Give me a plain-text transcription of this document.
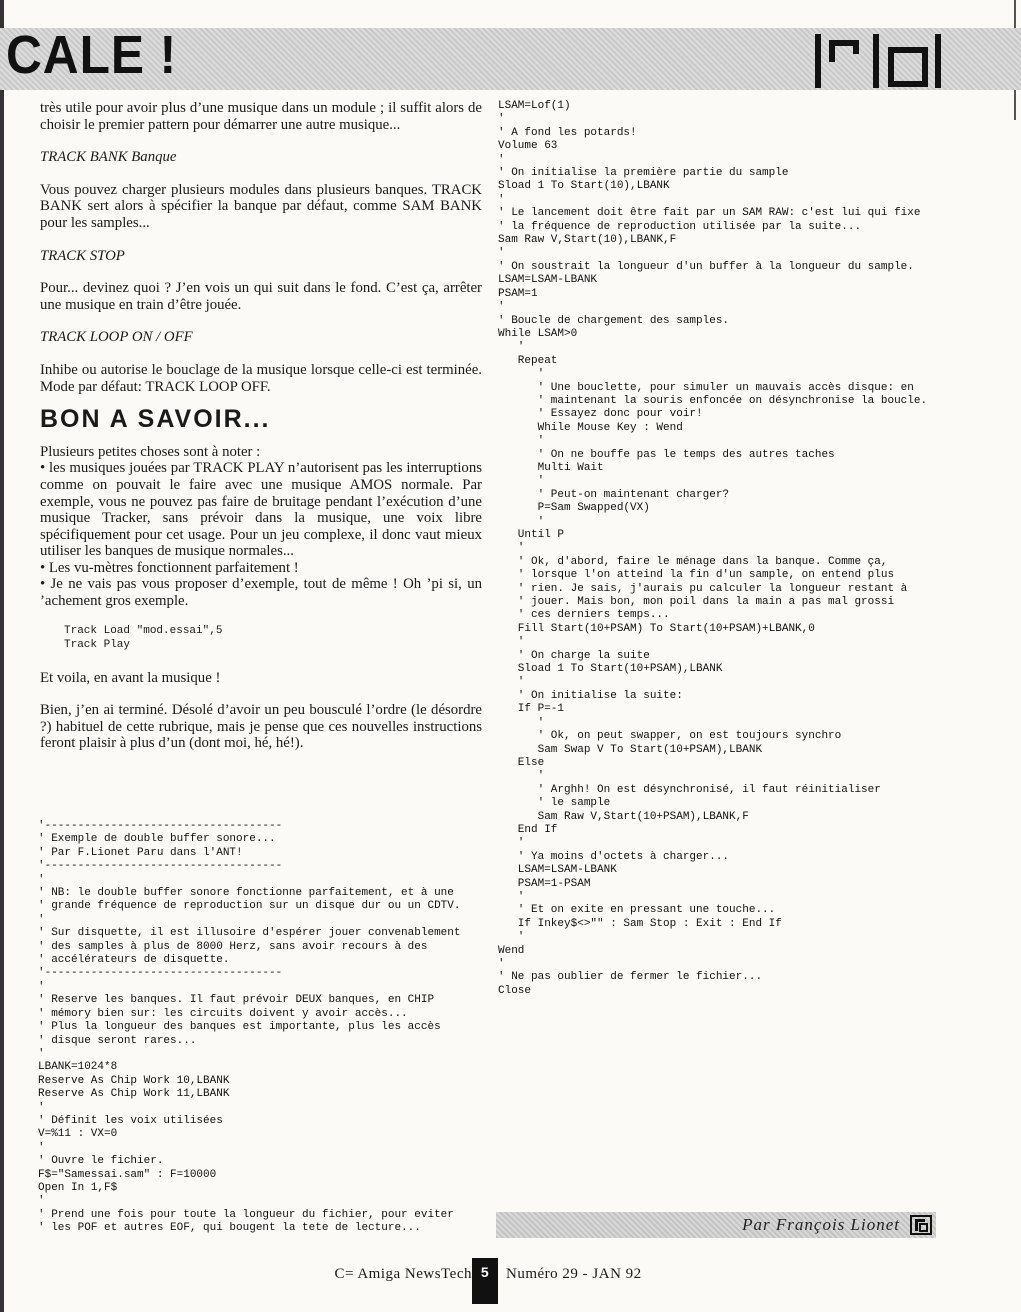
CALE !

très utile pour avoir plus d’une musique dans un module ; il suffit alors de choisir le premier pattern pour démarrer une autre musique...

TRACK BANK Banque

Vous pouvez charger plusieurs modules dans plusieurs banques. TRACK BANK sert alors à spécifier la banque par défaut, comme SAM BANK pour les samples...

TRACK STOP

Pour... devinez quoi ? J’en vois un qui suit dans le fond. C’est ça, arrêter une musique en train d’être jouée.

TRACK LOOP ON / OFF

Inhibe ou autorise le bouclage de la musique lorsque celle-ci est terminée. Mode par défaut: TRACK LOOP OFF.

BON A SAVOIR...

Plusieurs petites choses sont à noter :

• les musiques jouées par TRACK PLAY n’autorisent pas les interruptions comme on pouvait le faire avec une musique AMOS normale. Par exemple, vous ne pouvez pas faire de bruitage pendant l’exécution d’une musique Tracker, sans prévoir dans la musique, une voix libre spécifiquement pour cet usage. Pour un jeu complexe, il donc vaut mieux utiliser les banques de musique normales...

• Les vu-mètres fonctionnent parfaitement !

• Je ne vais pas vous proposer d’exemple, tout de même ! Oh ’pi si, un ’achement gros exemple.

Track Load "mod.essai",5
Track Play

Et voila, en avant la musique !

Bien, j’en ai terminé. Désolé d’avoir un peu bousculé l’ordre (le désordre ?) habituel de cette rubrique, mais je pense que ces nouvelles instructions feront plaisir à plus d’un (dont moi, hé, hé!).

'------------------------------------
' Exemple de double buffer sonore...
' Par F.Lionet Paru dans l'ANT!
'------------------------------------
'
' NB: le double buffer sonore fonctionne parfaitement, et à une
' grande fréquence de reproduction sur un disque dur ou un CDTV.
'
' Sur disquette, il est illusoire d'espérer jouer convenablement
' des samples à plus de 8000 Herz, sans avoir recours à des
' accélérateurs de disquette.
'------------------------------------
'
' Reserve les banques. Il faut prévoir DEUX banques, en CHIP
' mémory bien sur: les circuits doivent y avoir accès...
' Plus la longueur des banques est importante, plus les accès
' disque seront rares...
'
LBANK=1024*8
Reserve As Chip Work 10,LBANK
Reserve As Chip Work 11,LBANK
'
' Définit les voix utilisées
V=%11 : VX=0
'
' Ouvre le fichier.
F$="Samessai.sam" : F=10000
Open In 1,F$
'
' Prend une fois pour toute la longueur du fichier, pour eviter
' les POF et autres EOF, qui bougent la tete de lecture...
LSAM=Lof(1)
'
' A fond les potards!
Volume 63
'
' On initialise la première partie du sample
Sload 1 To Start(10),LBANK
'
' Le lancement doit être fait par un SAM RAW: c'est lui qui fixe
' la fréquence de reproduction utilisée par la suite...
Sam Raw V,Start(10),LBANK,F
'
' On soustrait la longueur d'un buffer à la longueur du sample.
LSAM=LSAM-LBANK
PSAM=1
'
' Boucle de chargement des samples.
While LSAM>0
'
Repeat
'
' Une bouclette, pour simuler un mauvais accès disque: en
' maintenant la souris enfoncée on désynchronise la boucle.
' Essayez donc pour voir!
While Mouse Key : Wend
'
' On ne bouffe pas le temps des autres taches
Multi Wait
'
' Peut-on maintenant charger?
P=Sam Swapped(VX)
'
Until P
'
' Ok, d'abord, faire le ménage dans la banque. Comme ça,
' lorsque l'on atteind la fin d'un sample, on entend plus
' rien. Je sais, j'aurais pu calculer la longueur restant à
' jouer. Mais bon, mon poil dans la main a pas mal grossi
' ces derniers temps...
Fill Start(10+PSAM) To Start(10+PSAM)+LBANK,0
'
' On charge la suite
Sload 1 To Start(10+PSAM),LBANK
'
' On initialise la suite:
If P=-1
'
' Ok, on peut swapper, on est toujours synchro
Sam Swap V To Start(10+PSAM),LBANK
Else
'
' Arghh! On est désynchronisé, il faut réinitialiser
' le sample
Sam Raw V,Start(10+PSAM),LBANK,F
End If
'
' Ya moins d'octets à charger...
LSAM=LSAM-LBANK
PSAM=1-PSAM
'
' Et on exite en pressant une touche...
If Inkey$<>"" : Sam Stop : Exit : End If
'
Wend
'
' Ne pas oublier de fermer le fichier...
Close
Par François Lionet
C= Amiga NewsTech 5	Numéro 29 - JAN 92
